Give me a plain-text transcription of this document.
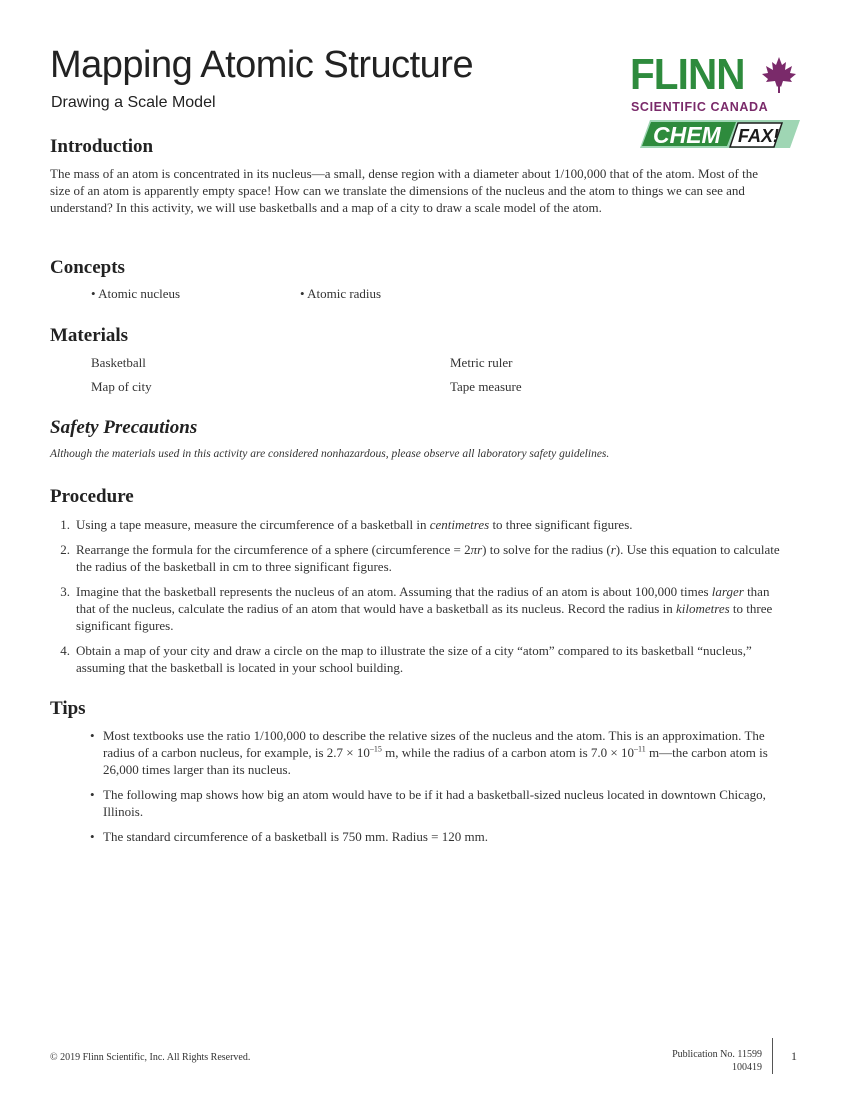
Mapping Atomic Structure
Drawing a Scale Model
FLINN
SCIENTIFIC CANADA
CHEM FAX!
Introduction

The mass of an atom is concentrated in its nucleus—a small, dense region with a diameter about 1/100,000 that of the atom. Most of the size of an atom is apparently empty space! How can we translate the dimensions of the nucleus and the atom to things we can see and understand? In this activity, we will use basketballs and a map of a city to draw a scale model of the atom.

Concepts
• Atomic nucleus	• Atomic radius
Materials
Basketball	Metric ruler
Map of city	Tape measure
Safety Precautions
Although the materials used in this activity are considered nonhazardous, please observe all laboratory safety guidelines.
Procedure
1. Using a tape measure, measure the circumference of a basketball in centimetres to three significant figures.
2. Rearrange the formula for the circumference of a sphere (circumference = 2πr) to solve for the radius (r). Use this equation to calculate the radius of the basketball in cm to three significant figures.
3. Imagine that the basketball represents the nucleus of an atom. Assuming that the radius of an atom is about 100,000 times larger than that of the nucleus, calculate the radius of an atom that would have a basketball as its nucleus. Record the radius in kilometres to three significant figures.
4. Obtain a map of your city and draw a circle on the map to illustrate the size of a city “atom” compared to its basketball “nucleus,” assuming that the basketball is located in your school building.
Tips
• Most textbooks use the ratio 1/100,000 to describe the relative sizes of the nucleus and the atom. This is an approximation. The radius of a carbon nucleus, for example, is $2.7 \times 10^{-15}$ m, while the radius of a carbon atom is $7.0 \times 10^{-11}$ m—the carbon atom is 26,000 times larger than its nucleus.
• The following map shows how big an atom would have to be if it had a basketball-sized nucleus located in downtown Chicago, Illinois.
• The standard circumference of a basketball is 750 mm. Radius = 120 mm.
© 2019 Flinn Scientific, Inc. All Rights Reserved.	Publication No. 11599
100419
1
